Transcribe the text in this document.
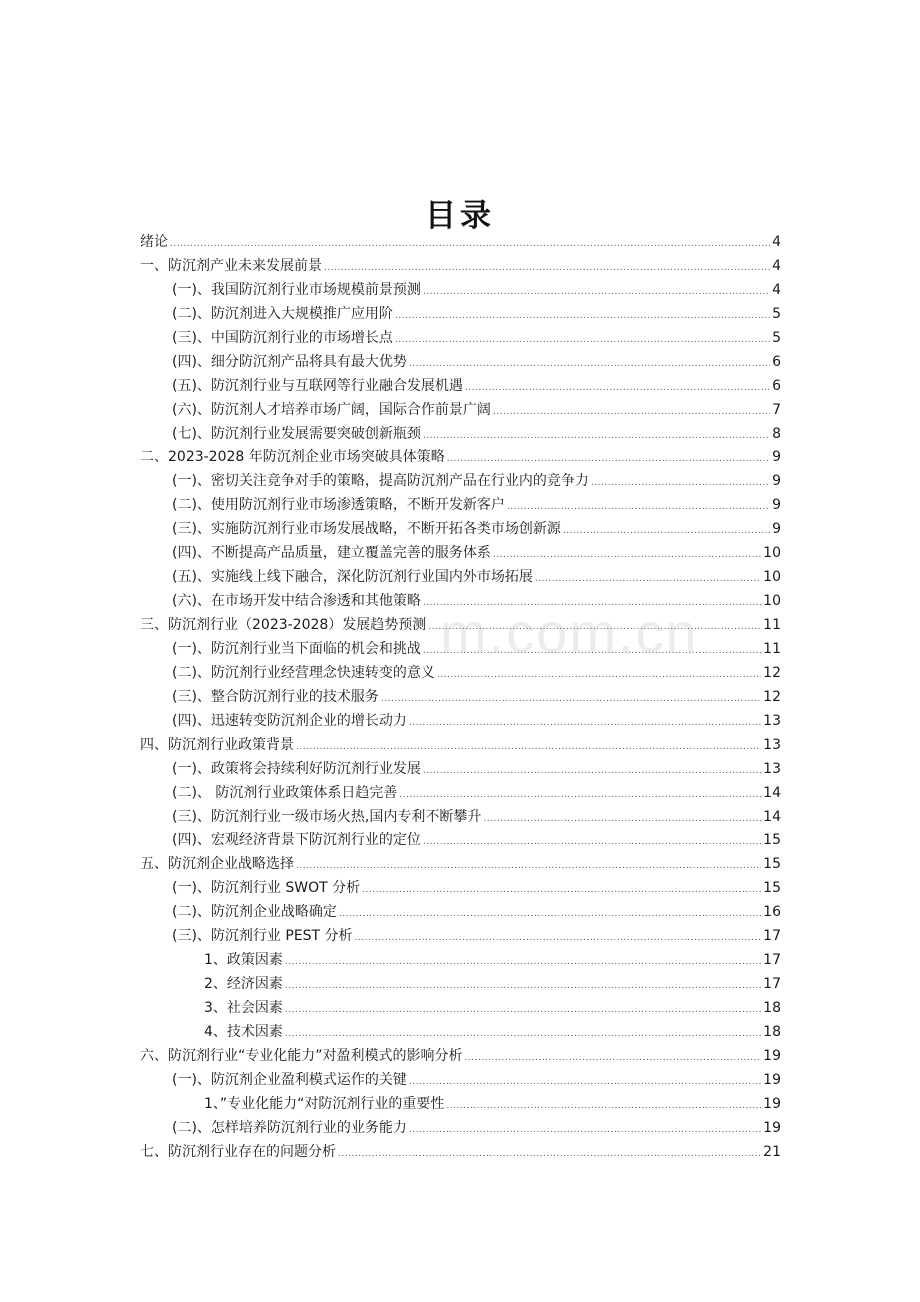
m.com.cn
目录
绪论 .....	4
一、防沉剂产业未来发展前景 .....	4
(一)、我国防沉剂行业市场规模前景预测 .....	4
(二)、防沉剂进入大规模推广应用阶 .....	5
(三)、中国防沉剂行业的市场增长点 .....	5
(四)、细分防沉剂产品将具有最大优势 .....	6
(五)、防沉剂行业与互联网等行业融合发展机遇 .....	6
(六)、防沉剂人才培养市场广阔，国际合作前景广阔 .....	7
(七)、防沉剂行业发展需要突破创新瓶颈 .....	8
二、2023-2028 年防沉剂企业市场突破具体策略 .....	9
(一)、密切关注竞争对手的策略，提高防沉剂产品在行业内的竞争力 .....	9
(二)、使用防沉剂行业市场渗透策略，不断开发新客户 .....	9
(三)、实施防沉剂行业市场发展战略，不断开拓各类市场创新源 .....	9
(四)、不断提高产品质量，建立覆盖完善的服务体系 .....	10
(五)、实施线上线下融合，深化防沉剂行业国内外市场拓展 .....	10
(六)、在市场开发中结合渗透和其他策略 .....	10
三、防沉剂行业（2023-2028）发展趋势预测 .....	11
(一)、防沉剂行业当下面临的机会和挑战 .....	11
(二)、防沉剂行业经营理念快速转变的意义 .....	12
(三)、整合防沉剂行业的技术服务 .....	12
(四)、迅速转变防沉剂企业的增长动力 .....	13
四、防沉剂行业政策背景 .....	13
(一)、政策将会持续利好防沉剂行业发展 .....	13
(二)、 防沉剂行业政策体系日趋完善 .....	14
(三)、防沉剂行业一级市场火热,国内专利不断攀升 .....	14
(四)、宏观经济背景下防沉剂行业的定位 .....	15
五、防沉剂企业战略选择 .....	15
(一)、防沉剂行业 SWOT 分析 .....	15
(二)、防沉剂企业战略确定 .....	16
(三)、防沉剂行业 PEST 分析 .....	17
1、政策因素 .....	17
2、经济因素 .....	17
3、社会因素 .....	18
4、技术因素 .....	18
六、防沉剂行业“专业化能力”对盈利模式的影响分析 .....	19
(一)、防沉剂企业盈利模式运作的关键 .....	19
1、”专业化能力“对防沉剂行业的重要性 .....	19
(二)、怎样培养防沉剂行业的业务能力 .....	19
七、防沉剂行业存在的问题分析 .....	21
